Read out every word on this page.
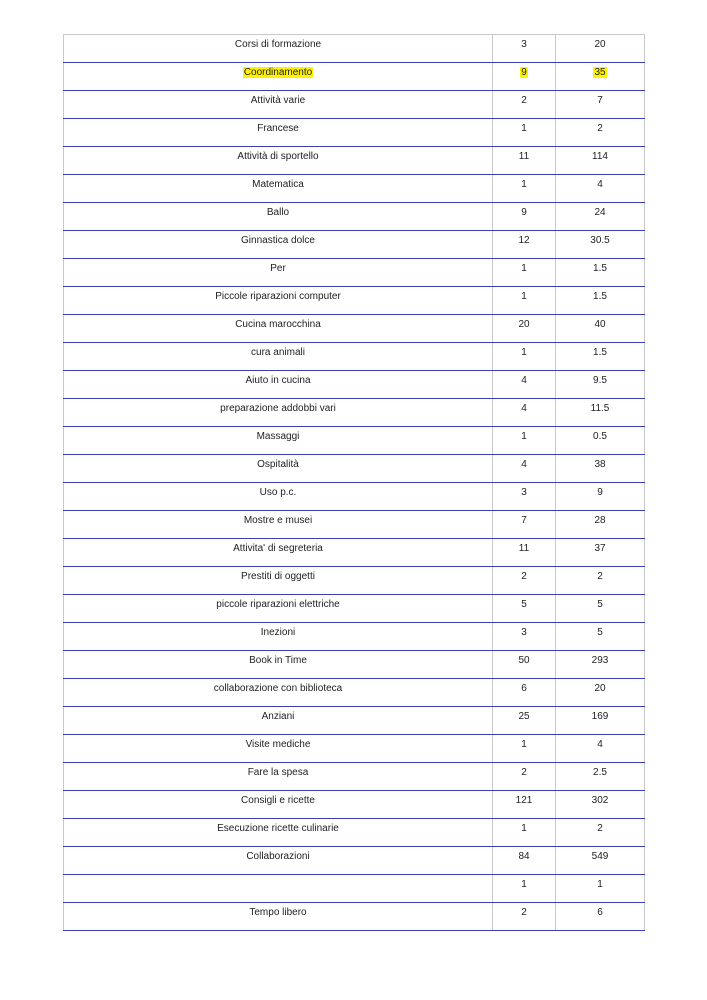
Corsi di formazione	3	20
Coordinamento	9	35
Attività varie	2	7
Francese	1	2
Attività di sportello	11	114
Matematica	1	4
Ballo	9	24
Ginnastica dolce	12	30.5
Per	1	1.5
Piccole riparazioni computer	1	1.5
Cucina marocchina	20	40
cura animali	1	1.5
Aiuto in cucina	4	9.5
preparazione addobbi vari	4	11.5
Massaggi	1	0.5
Ospitalità	4	38
Uso p.c.	3	9
Mostre e musei	7	28
Attivita' di segreteria	11	37
Prestiti di oggetti	2	2
piccole riparazioni elettriche	5	5
Inezioni	3	5
Book in Time	50	293
collaborazione con biblioteca	6	20
Anziani	25	169
Visite mediche	1	4
Fare la spesa	2	2.5
Consigli e ricette	121	302
Esecuzione ricette culinarie	1	2
Collaborazioni	84	549
	1	1
Tempo libero	2	6
